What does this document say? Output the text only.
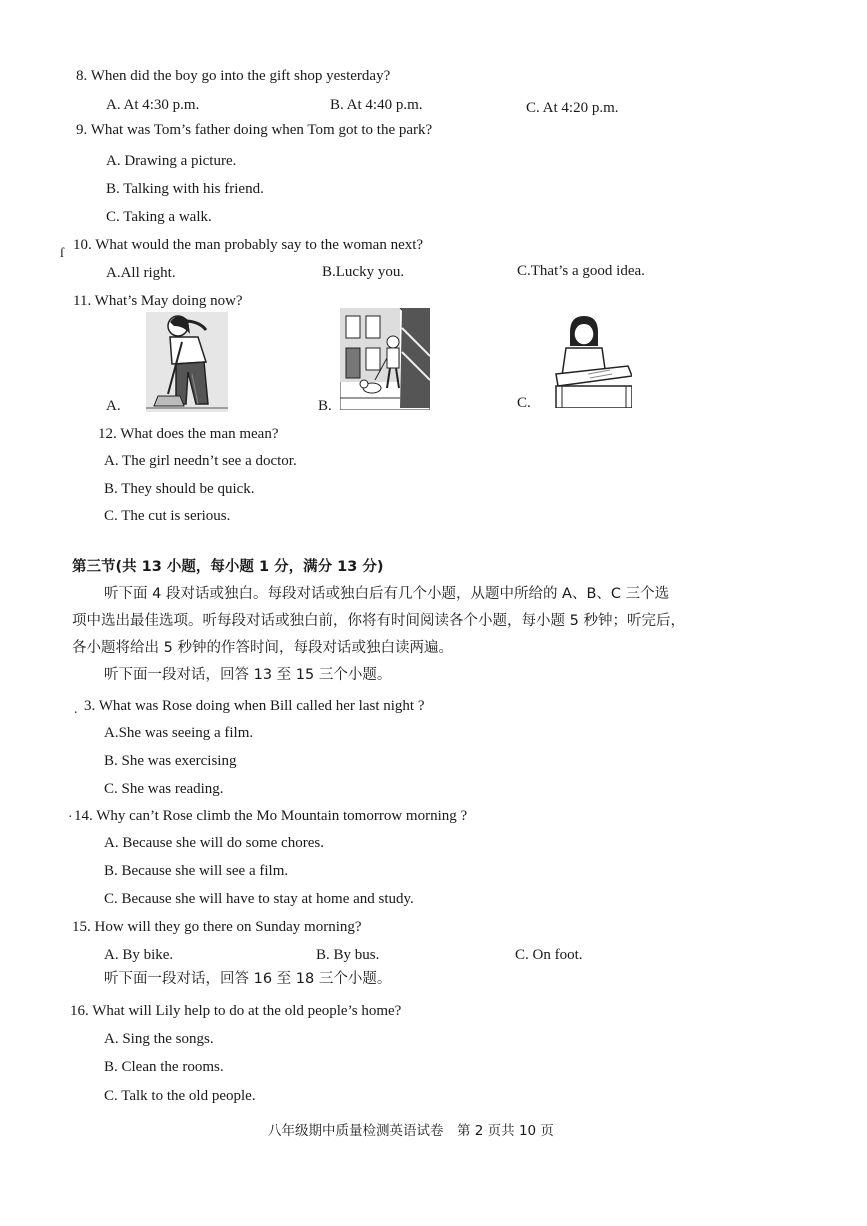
8. When did the boy go into the gift shop yesterday?
A. At 4:30 p.m.	B. At 4:40 p.m.	C. At 4:20 p.m.
9. What was Tom’s father doing when Tom got to the park?
A. Drawing a picture.
B. Talking with his friend.
C. Taking a walk.
ſ
10. What would the man probably say to the woman next?
A.All right.	B.Lucky you.	C.That’s a good idea.
11. What’s May doing now?
A.	B.	C.
12. What does the man mean?
A. The girl needn’t see a doctor.
B. They should be quick.
C. The cut is serious.
第三节(共 13 小题，每小题 1 分，满分 13 分)
听下面 4 段对话或独白。每段对话或独白后有几个小题，从题中所给的 A、B、C 三个选
项中选出最佳选项。听每段对话或独白前，你将有时间阅读各个小题，每小题 5 秒钟；听完后，
各小题将给出 5 秒钟的作答时间，每段对话或独白读两遍。
听下面一段对话，回答 13 至 15 三个小题。
. 3. What was Rose doing when Bill called her last night ?
A.She was seeing a film.
B. She was exercising
C. She was reading.
· 14. Why can’t Rose climb the Mo Mountain tomorrow morning ?
A. Because she will do some chores.
B. Because she will see a film.
C. Because she will have to stay at home and study.
15. How will they go there on Sunday morning?
A. By bike.	B. By bus.	C. On foot.
听下面一段对话，回答 16 至 18 三个小题。
16. What will Lily help to do at the old people’s home?
A. Sing the songs.
B. Clean the rooms.
C. Talk to the old people.
八年级期中质量检测英语试卷　第 2 页共 10 页
